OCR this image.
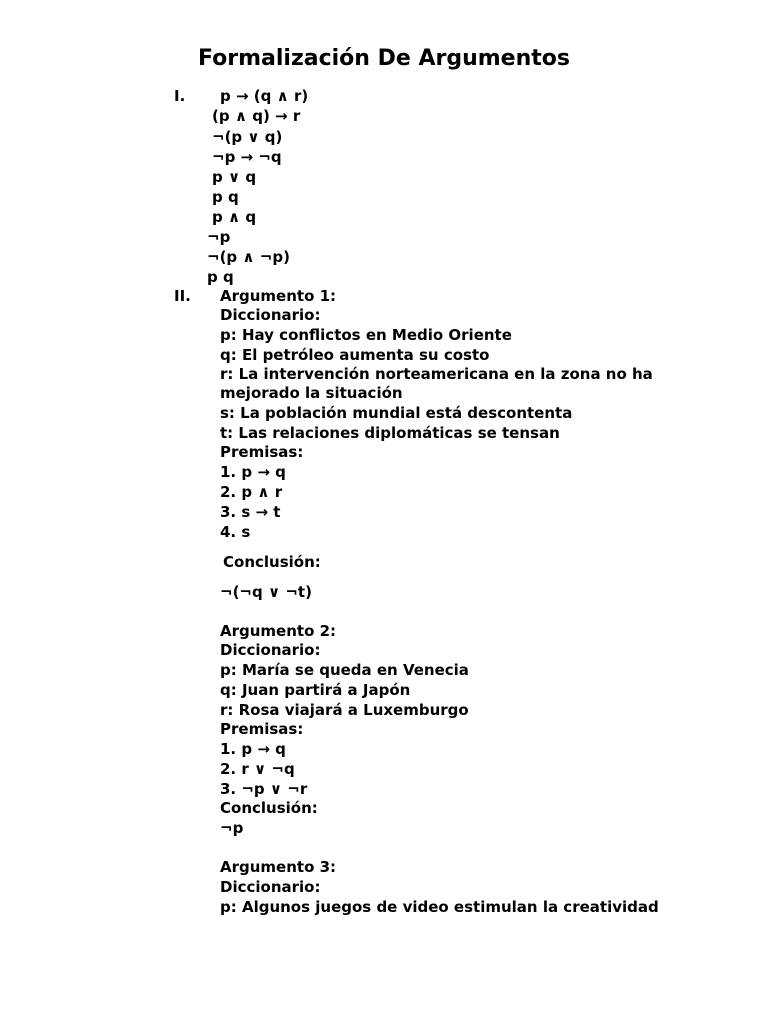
Formalización De Argumentos
I. p → (q ∧ r)
(p ∧ q) → r
¬(p ∨ q)
¬p → ¬q
p ∨ q
p q
p ∧ q
¬p
¬(p ∧ ¬p)
p q
II. Argumento 1:
Diccionario:
p: Hay conflictos en Medio Oriente
q: El petróleo aumenta su costo
r: La intervención norteamericana en la zona no ha
mejorado la situación
s: La población mundial está descontenta
t: Las relaciones diplomáticas se tensan
Premisas:
1. p → q
2. p ∧ r
3. s → t
4. s
Conclusión:
¬(¬q ∨ ¬t)
Argumento 2:
Diccionario:
p: María se queda en Venecia
q: Juan partirá a Japón
r: Rosa viajará a Luxemburgo
Premisas:
1. p → q
2. r ∨ ¬q
3. ¬p ∨ ¬r
Conclusión:
¬p
Argumento 3:
Diccionario:
p: Algunos juegos de video estimulan la creatividad
